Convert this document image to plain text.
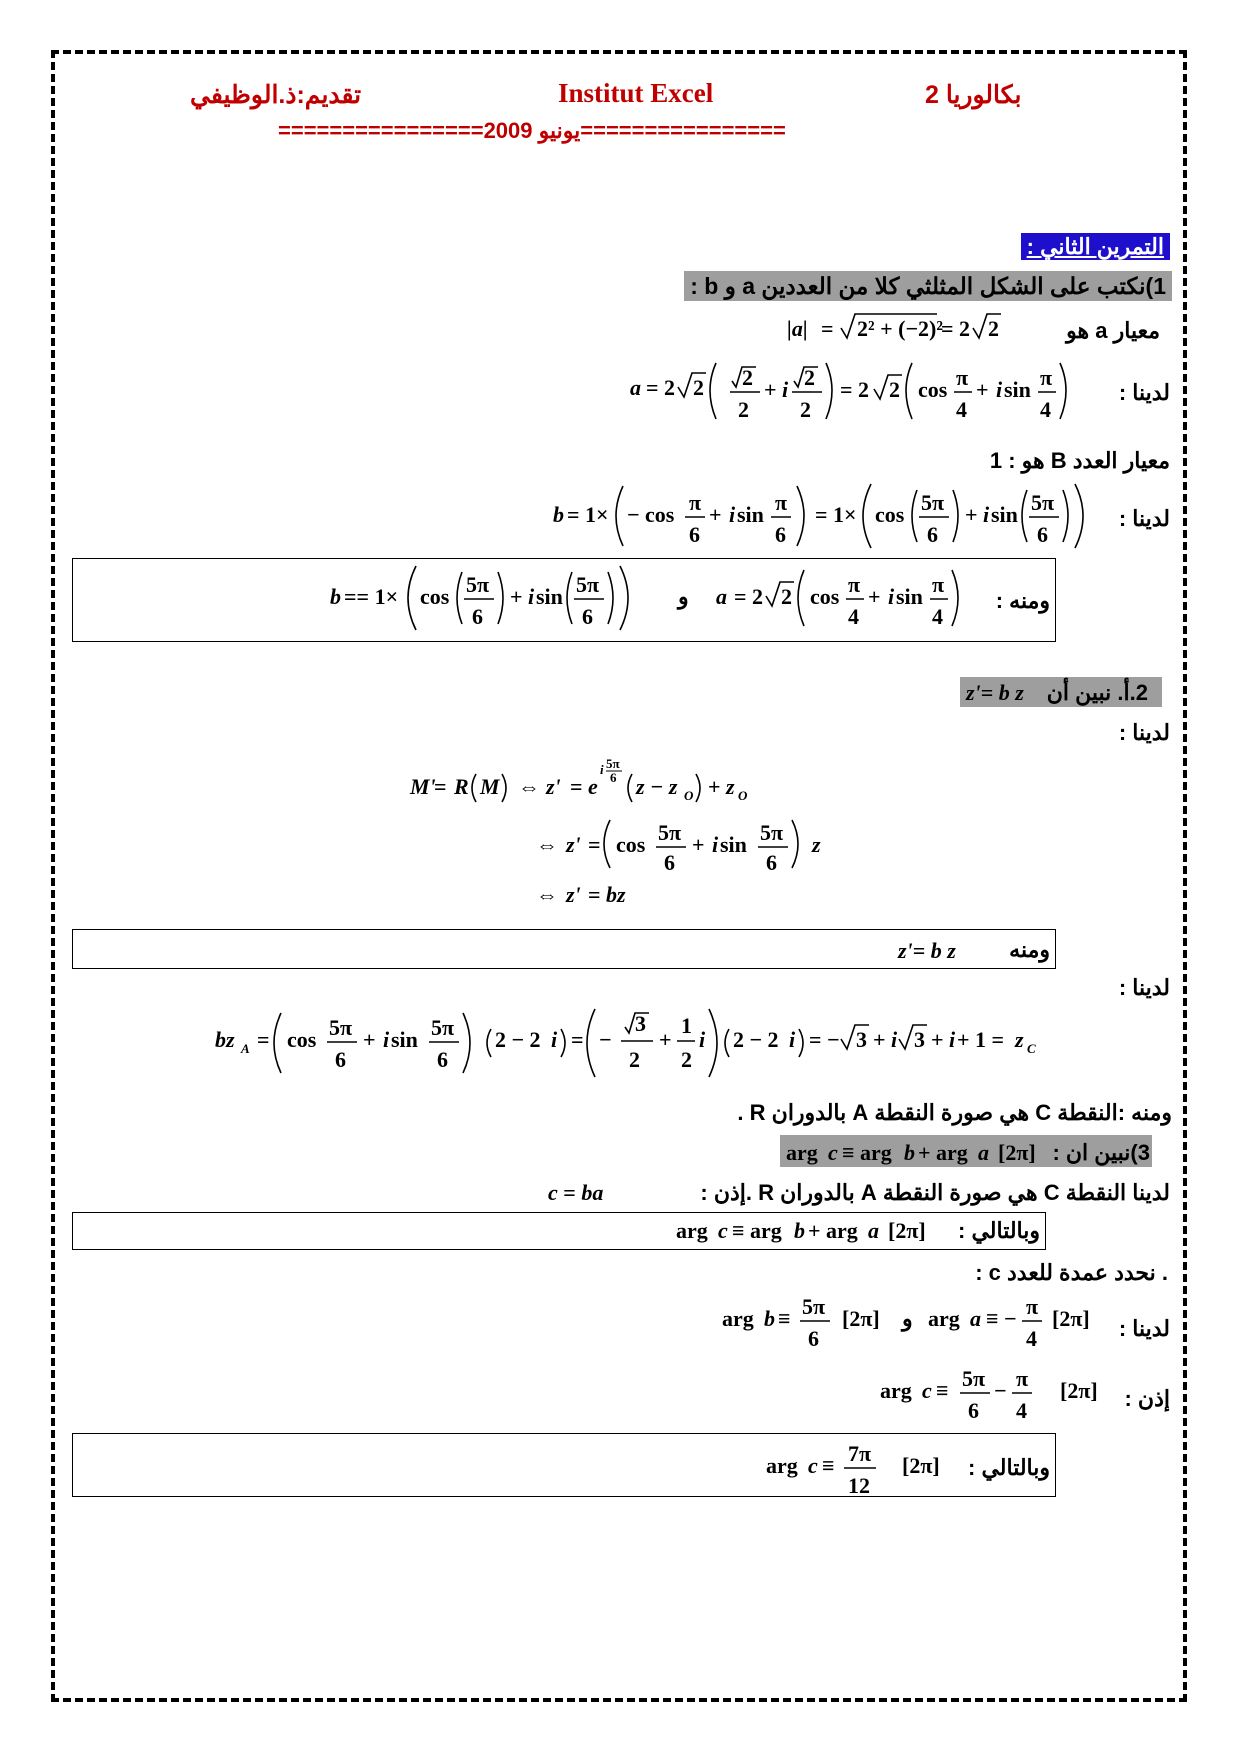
2 بكالوريا
Institut Excel
تقديم:ذ.الوظيفي
================يونيو 2009================
التمرين الثاني :
1)نكتب على الشكل المثلثي كلا من العددين a و b :
معيار a هو
|a| = 2² + (−2)²
= 2 2
لدينا :
a = 2 2 2
2
+ i 2
2
= 2 2 cos π
4
+ i sin π
4
معيار العدد B هو : 1
لدينا :
b = 1× − cos π
6
+ i sin π
6
= 1× cos 5π
6
+ i sin 5π
6
ومنه :
b == 1× cos 5π
6
+ i sin 5π
6
و a = 2 2 cos π
4
+ i sin π
4
2.أ. نبين أن
z'= b z
لدينا :
M'
= R M ⇔ z' = e
i 5π
6 z − z O + z O
⇔ z' = cos 5π
6
+ i sin 5π
6
z
⇔ z' = bz
ومنه
z'= b z
لدينا :
bz A = cos 5π
6
+ i sin 5π
6
2 − 2 i = −
3
2
+
1
2
i 2 − 2 i = − 3 + i 3 + i + 1 = z C
ومنه :النقطة C هي صورة النقطة A بالدوران R .
3)نبين ان :
arg c ≡ arg b + arg a [2π]
لدينا النقطة C هي صورة النقطة A بالدوران R .إذن :
c = ba
وبالتالي :
arg c ≡ arg b + arg a [2π]
. نحدد عمدة للعدد c :
لدينا :
arg b ≡ 5π
6
[2π] و arg a ≡ − π
4
[2π]
إذن :
arg c ≡ 5π
6
− π
4
[2π]
وبالتالي :
arg c ≡ 7π
12
[2π]
